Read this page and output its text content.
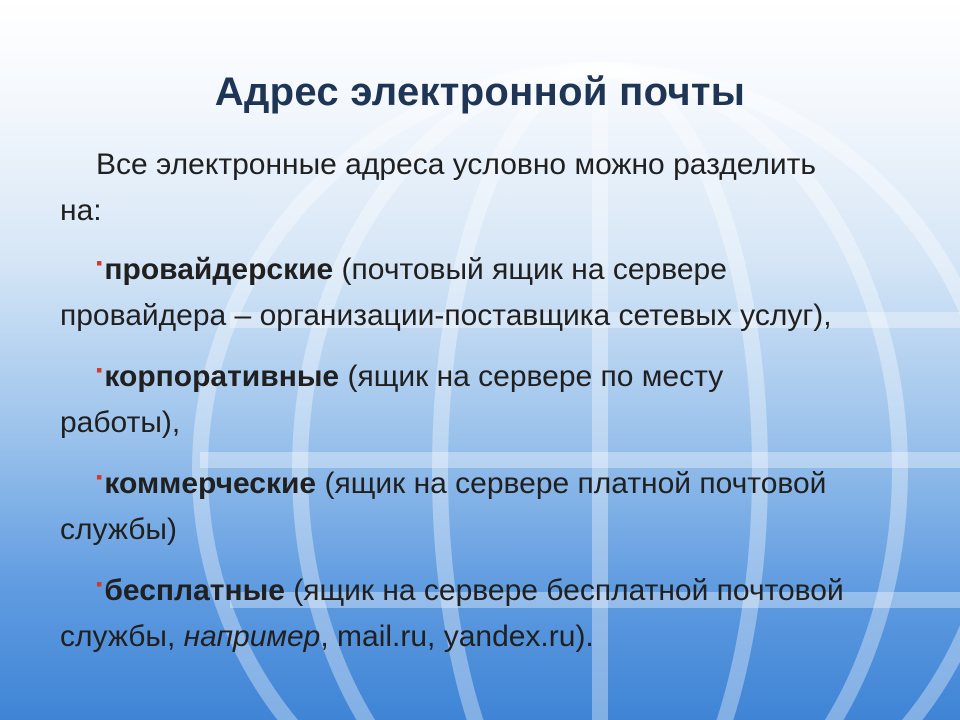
Адрес электронной почты

Все электронные адреса условно можно разделить на:

▪провайдерские (почтовый ящик на сервере провайдера – организации-поставщика сетевых услуг),

▪корпоративные (ящик на сервере по месту работы),

▪коммерческие (ящик на сервере платной почтовой службы)

▪бесплатные (ящик на сервере бесплатной почтовой службы, например, mail.ru, yandex.ru).
